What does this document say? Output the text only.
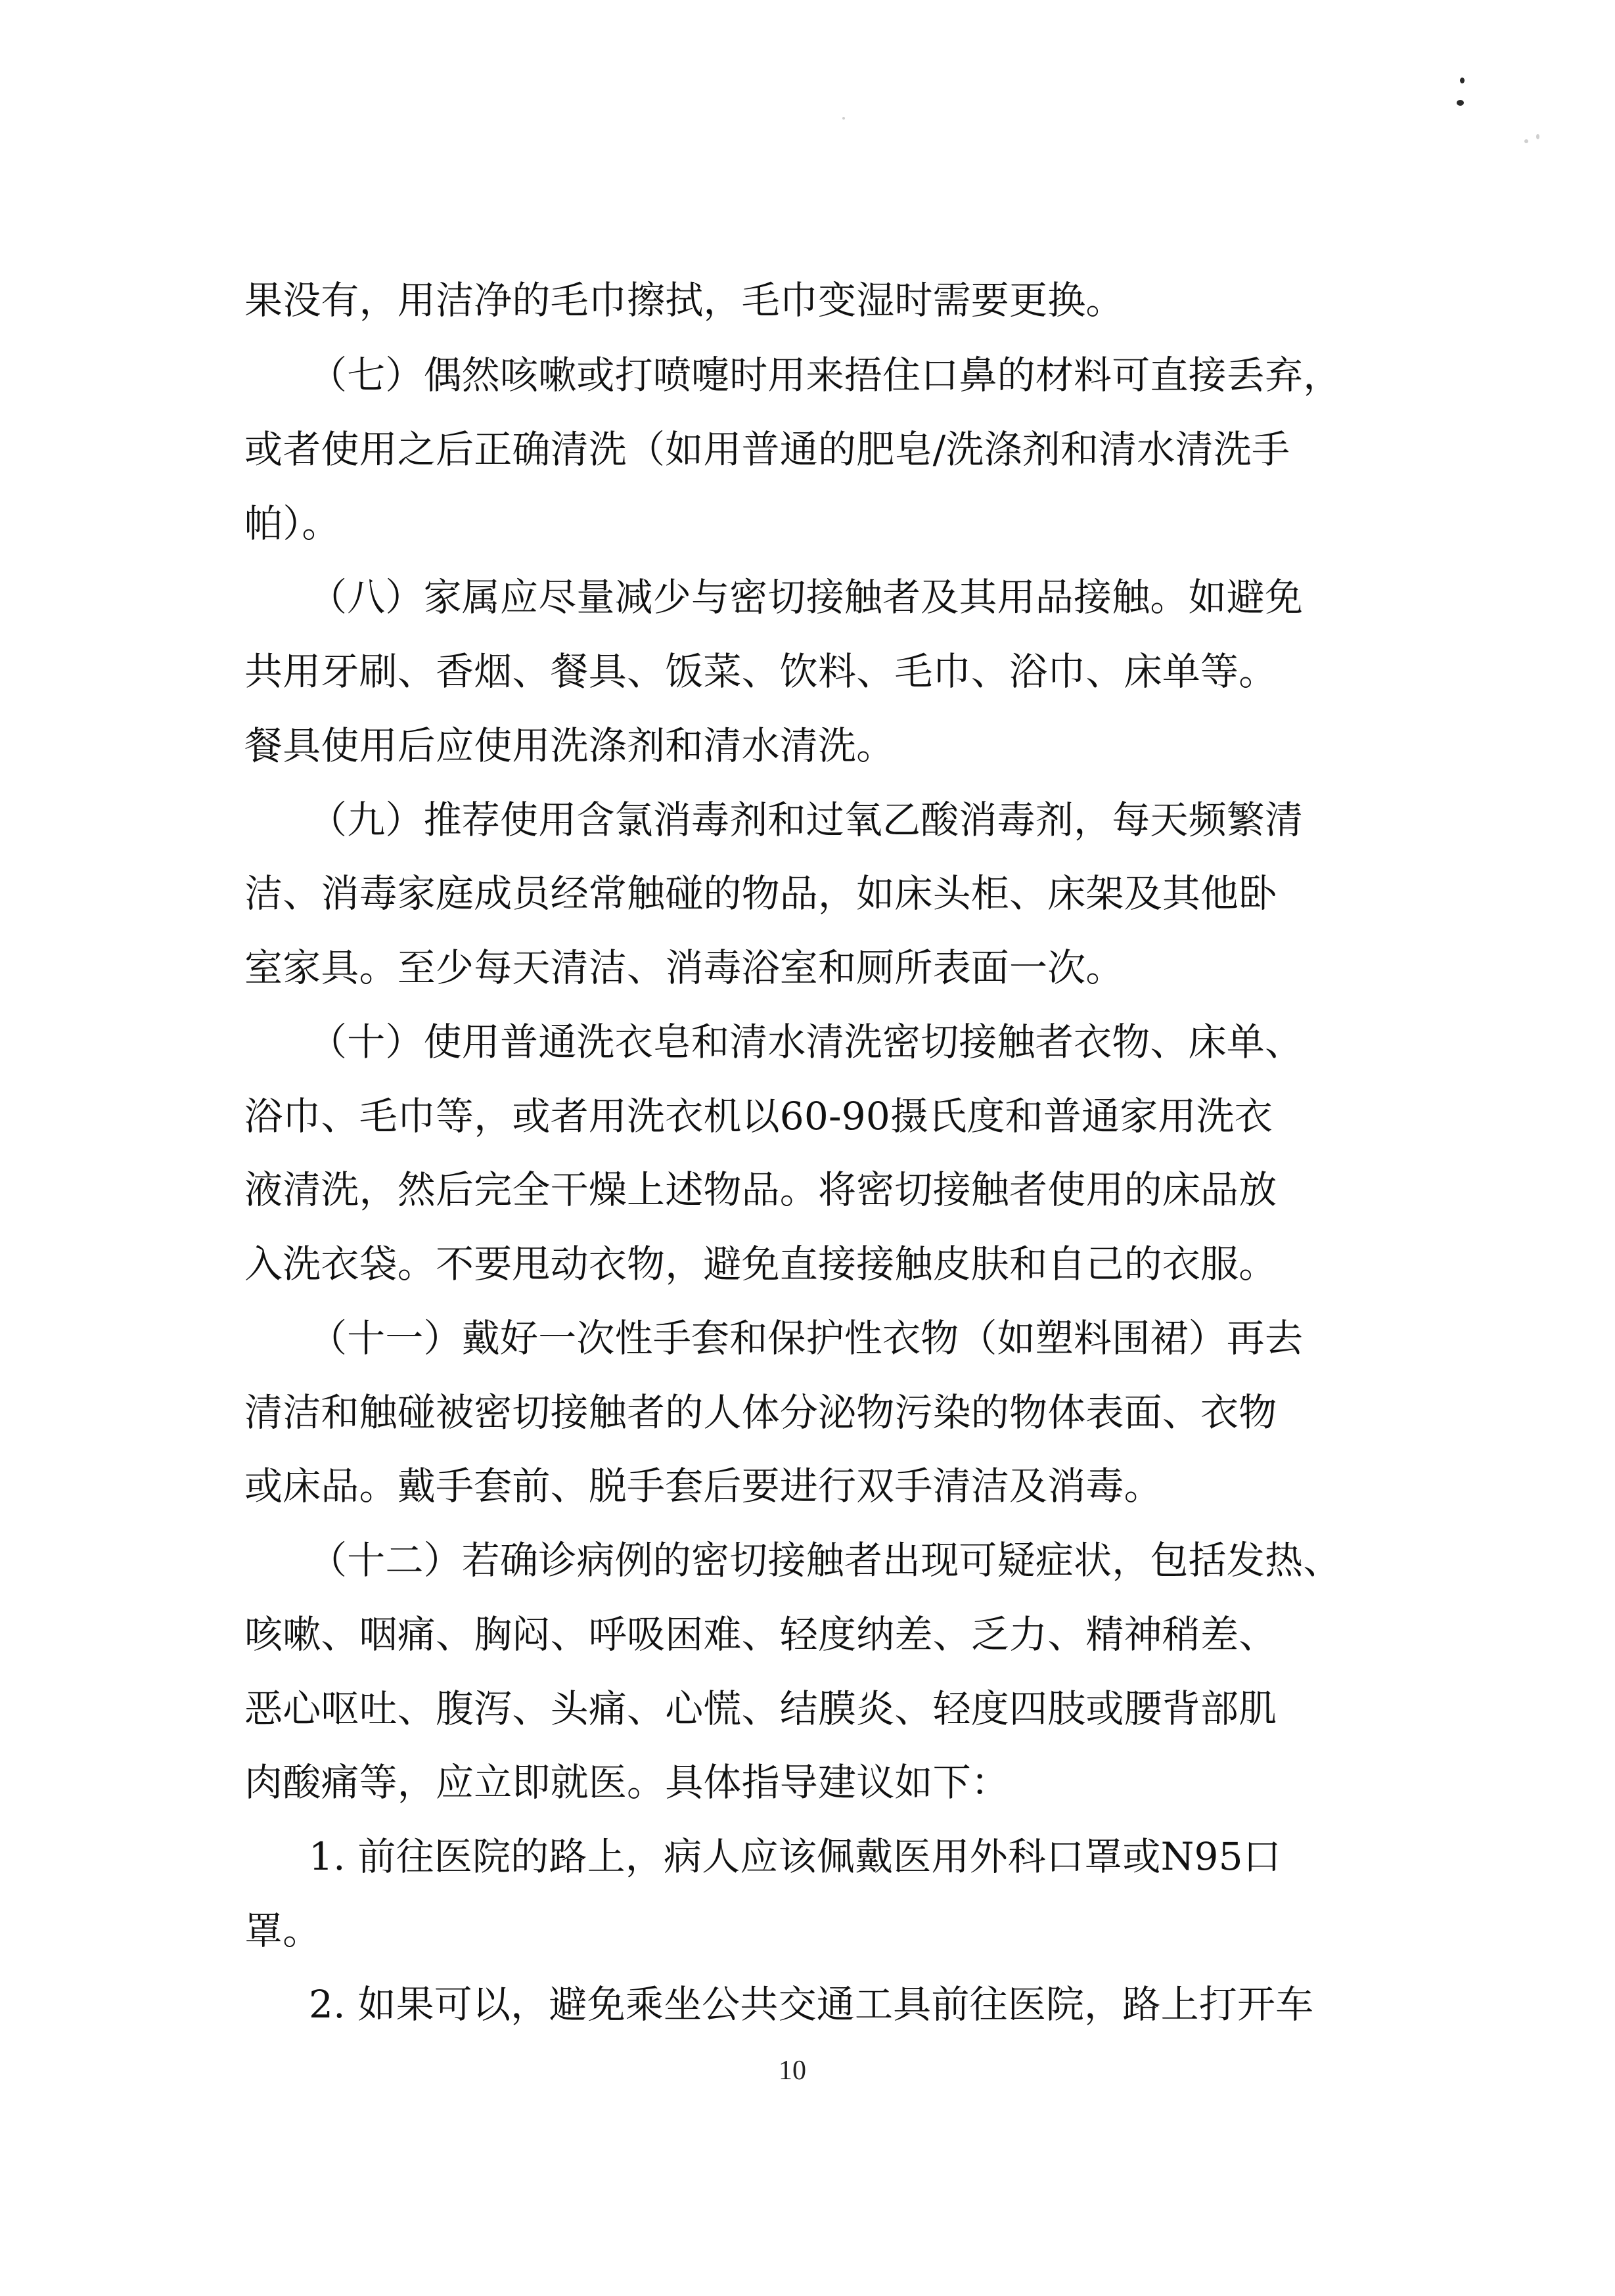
果没有，用洁净的毛巾擦拭，毛巾变湿时需要更换。
（七）偶然咳嗽或打喷嚏时用来捂住口鼻的材料可直接丢弃，
或者使用之后正确清洗（如用普通的肥皂/洗涤剂和清水清洗手
帕）。
（八）家属应尽量减少与密切接触者及其用品接触。如避免
共用牙刷、香烟、餐具、饭菜、饮料、毛巾、浴巾、床单等。
餐具使用后应使用洗涤剂和清水清洗。
（九）推荐使用含氯消毒剂和过氧乙酸消毒剂，每天频繁清
洁、消毒家庭成员经常触碰的物品，如床头柜、床架及其他卧
室家具。至少每天清洁、消毒浴室和厕所表面一次。
（十）使用普通洗衣皂和清水清洗密切接触者衣物、床单、
浴巾、毛巾等，或者用洗衣机以60-90摄氏度和普通家用洗衣
液清洗，然后完全干燥上述物品。将密切接触者使用的床品放
入洗衣袋。不要甩动衣物，避免直接接触皮肤和自己的衣服。
（十一）戴好一次性手套和保护性衣物（如塑料围裙）再去
清洁和触碰被密切接触者的人体分泌物污染的物体表面、衣物
或床品。戴手套前、脱手套后要进行双手清洁及消毒。
（十二）若确诊病例的密切接触者出现可疑症状，包括发热、
咳嗽、咽痛、胸闷、呼吸困难、轻度纳差、乏力、精神稍差、
恶心呕吐、腹泻、头痛、心慌、结膜炎、轻度四肢或腰背部肌
肉酸痛等，应立即就医。具体指导建议如下：
1. 前往医院的路上，病人应该佩戴医用外科口罩或N95口
罩。
2. 如果可以，避免乘坐公共交通工具前往医院，路上打开车
10
